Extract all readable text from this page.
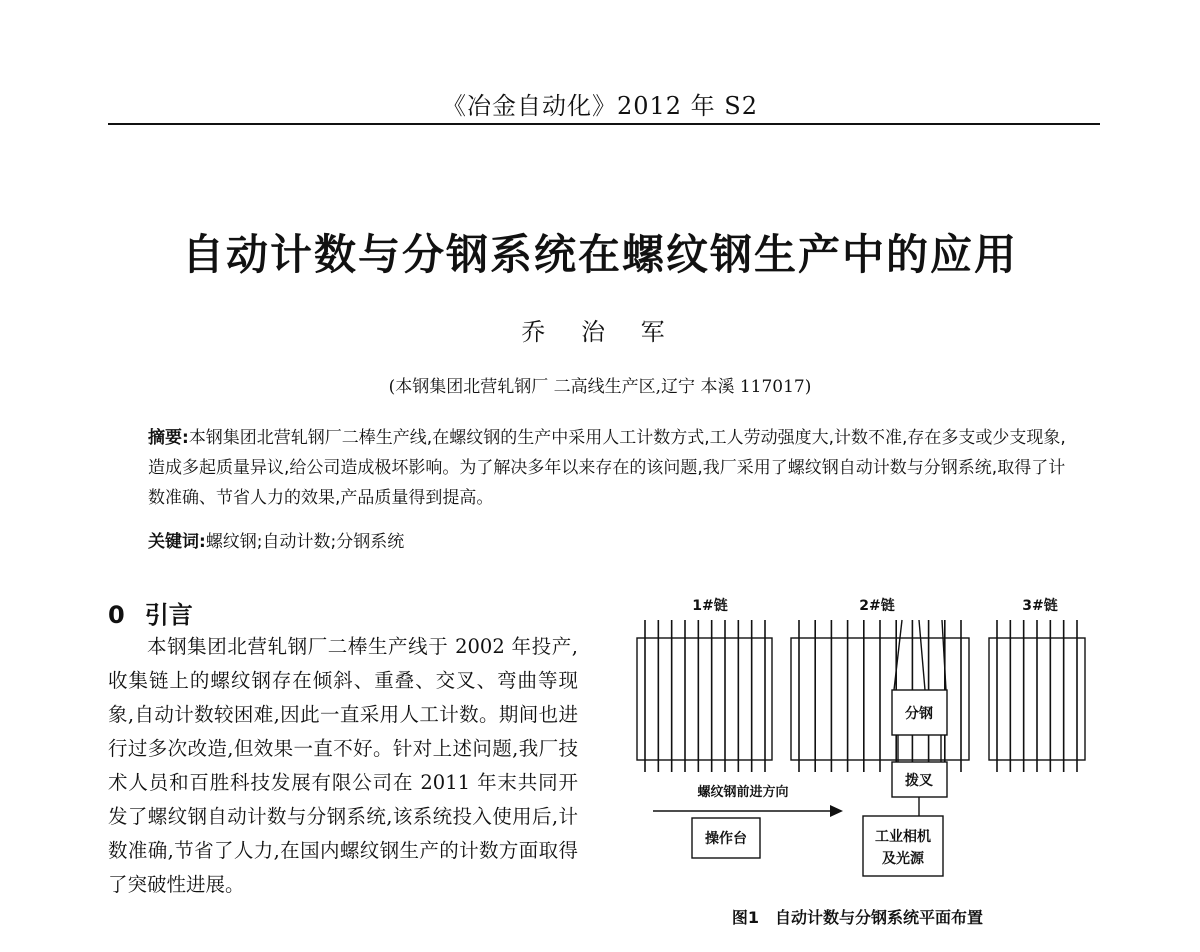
《冶金自动化》2012 年 S2
自动计数与分钢系统在螺纹钢生产中的应用
乔 治 军
(本钢集团北营轧钢厂 二高线生产区,辽宁 本溪 117017)

摘要:本钢集团北营轧钢厂二棒生产线,在螺纹钢的生产中采用人工计数方式,工人劳动强度大,计数不准,存在多支或少支现象,造成多起质量异议,给公司造成极坏影响。为了解决多年以来存在的该问题,我厂采用了螺纹钢自动计数与分钢系统,取得了计数准确、节省人力的效果,产品质量得到提高。

关键词:螺纹钢;自动计数;分钢系统
0 引言

本钢集团北营轧钢厂二棒生产线于 2002 年投产,收集链上的螺纹钢存在倾斜、重叠、交叉、弯曲等现象,自动计数较困难,因此一直采用人工计数。期间也进行过多次改造,但效果一直不好。针对上述问题,我厂技术人员和百胜科技发展有限公司在 2011 年末共同开发了螺纹钢自动计数与分钢系统,该系统投入使用后,计数准确,节省了人力,在国内螺纹钢生产的计数方面取得了突破性进展。

1#链	2#链	3#链
分钢
拨叉
螺纹钢前进方向
操作台	工业相机
及光源
图1　自动计数与分钢系统平面布置
